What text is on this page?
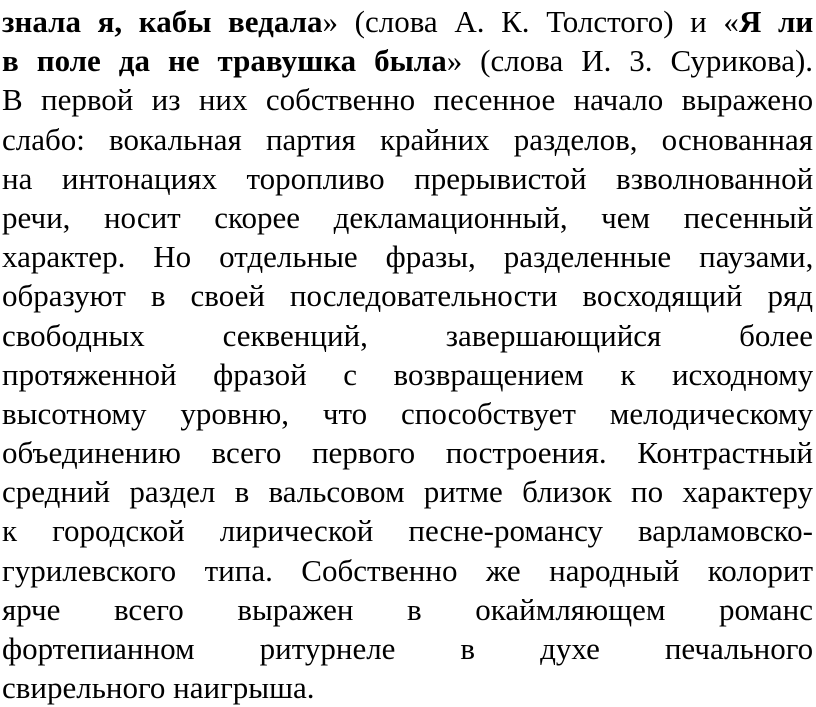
знала я, кабы ведала» (слова А. К. Толстого) и «Я ли
в поле да не травушка была» (слова И. 3. Сурикова).
В первой из них собственно песенное начало выражено
слабо: вокальная партия крайних разделов, основанная
на интонациях торопливо прерывистой взволнованной
речи, носит скорее декламационный, чем песенный
характер. Но отдельные фразы, разделенные паузами,
образуют в своей последовательности восходящий ряд
свободных секвенций, завершающийся более
протяженной фразой с возвращением к исходному
высотному уровню, что способствует мелодическому
объединению всего первого построения. Контрастный
средний раздел в вальсовом ритме близок по характеру
к городской лирической песне-романсу варламовско-
гурилевского типа. Собственно же народный колорит
ярче всего выражен в окаймляющем романс
фортепианном ритурнеле в духе печального
свирельного наигрыша.
